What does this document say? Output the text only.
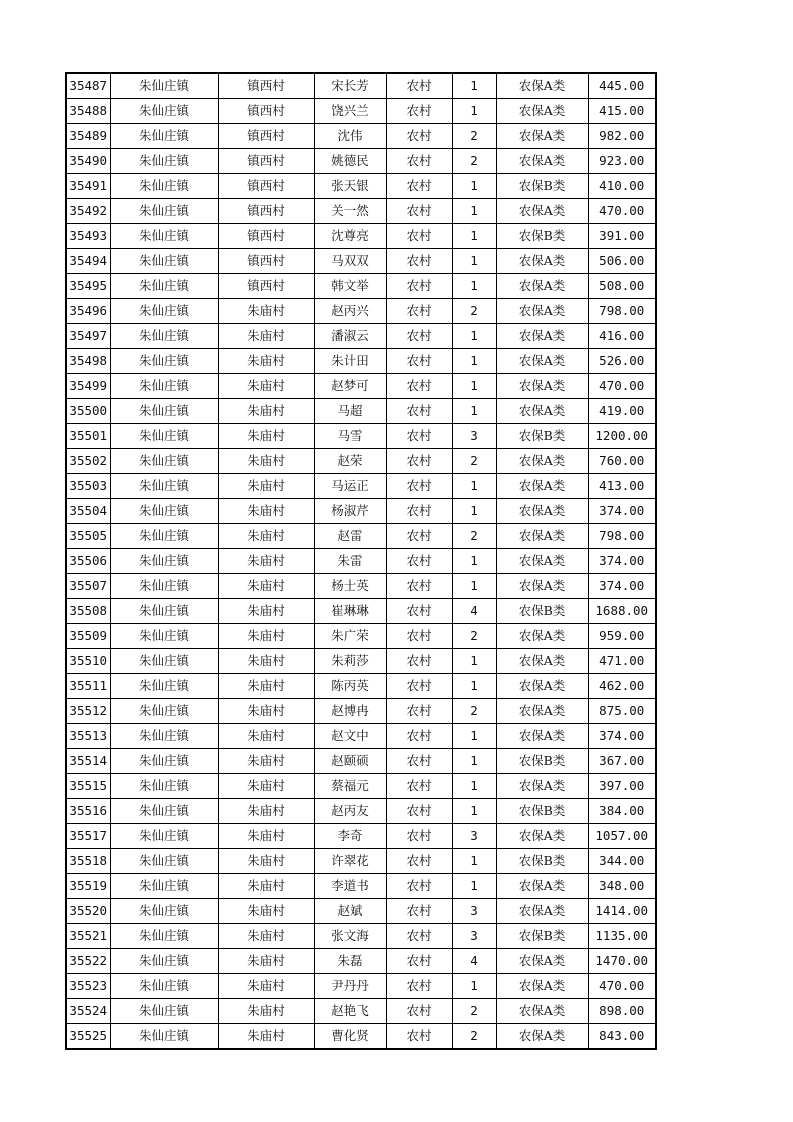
35487	朱仙庄镇	镇西村	宋长芳	农村	1	农保A类	445.00
35488	朱仙庄镇	镇西村	饶兴兰	农村	1	农保A类	415.00
35489	朱仙庄镇	镇西村	沈伟	农村	2	农保A类	982.00
35490	朱仙庄镇	镇西村	姚德民	农村	2	农保A类	923.00
35491	朱仙庄镇	镇西村	张天银	农村	1	农保B类	410.00
35492	朱仙庄镇	镇西村	关一然	农村	1	农保A类	470.00
35493	朱仙庄镇	镇西村	沈尊亮	农村	1	农保B类	391.00
35494	朱仙庄镇	镇西村	马双双	农村	1	农保A类	506.00
35495	朱仙庄镇	镇西村	韩文举	农村	1	农保A类	508.00
35496	朱仙庄镇	朱庙村	赵丙兴	农村	2	农保A类	798.00
35497	朱仙庄镇	朱庙村	潘淑云	农村	1	农保A类	416.00
35498	朱仙庄镇	朱庙村	朱计田	农村	1	农保A类	526.00
35499	朱仙庄镇	朱庙村	赵梦可	农村	1	农保A类	470.00
35500	朱仙庄镇	朱庙村	马超	农村	1	农保A类	419.00
35501	朱仙庄镇	朱庙村	马雪	农村	3	农保B类	1200.00
35502	朱仙庄镇	朱庙村	赵荣	农村	2	农保A类	760.00
35503	朱仙庄镇	朱庙村	马运正	农村	1	农保A类	413.00
35504	朱仙庄镇	朱庙村	杨淑芹	农村	1	农保A类	374.00
35505	朱仙庄镇	朱庙村	赵雷	农村	2	农保A类	798.00
35506	朱仙庄镇	朱庙村	朱雷	农村	1	农保A类	374.00
35507	朱仙庄镇	朱庙村	杨士英	农村	1	农保A类	374.00
35508	朱仙庄镇	朱庙村	崔琳琳	农村	4	农保B类	1688.00
35509	朱仙庄镇	朱庙村	朱广荣	农村	2	农保A类	959.00
35510	朱仙庄镇	朱庙村	朱莉莎	农村	1	农保A类	471.00
35511	朱仙庄镇	朱庙村	陈丙英	农村	1	农保A类	462.00
35512	朱仙庄镇	朱庙村	赵博冉	农村	2	农保A类	875.00
35513	朱仙庄镇	朱庙村	赵文中	农村	1	农保A类	374.00
35514	朱仙庄镇	朱庙村	赵颐硕	农村	1	农保B类	367.00
35515	朱仙庄镇	朱庙村	蔡福元	农村	1	农保A类	397.00
35516	朱仙庄镇	朱庙村	赵丙友	农村	1	农保B类	384.00
35517	朱仙庄镇	朱庙村	李奇	农村	3	农保A类	1057.00
35518	朱仙庄镇	朱庙村	许翠花	农村	1	农保B类	344.00
35519	朱仙庄镇	朱庙村	李道书	农村	1	农保A类	348.00
35520	朱仙庄镇	朱庙村	赵斌	农村	3	农保A类	1414.00
35521	朱仙庄镇	朱庙村	张文海	农村	3	农保B类	1135.00
35522	朱仙庄镇	朱庙村	朱磊	农村	4	农保A类	1470.00
35523	朱仙庄镇	朱庙村	尹丹丹	农村	1	农保A类	470.00
35524	朱仙庄镇	朱庙村	赵艳飞	农村	2	农保A类	898.00
35525	朱仙庄镇	朱庙村	曹化贤	农村	2	农保A类	843.00
